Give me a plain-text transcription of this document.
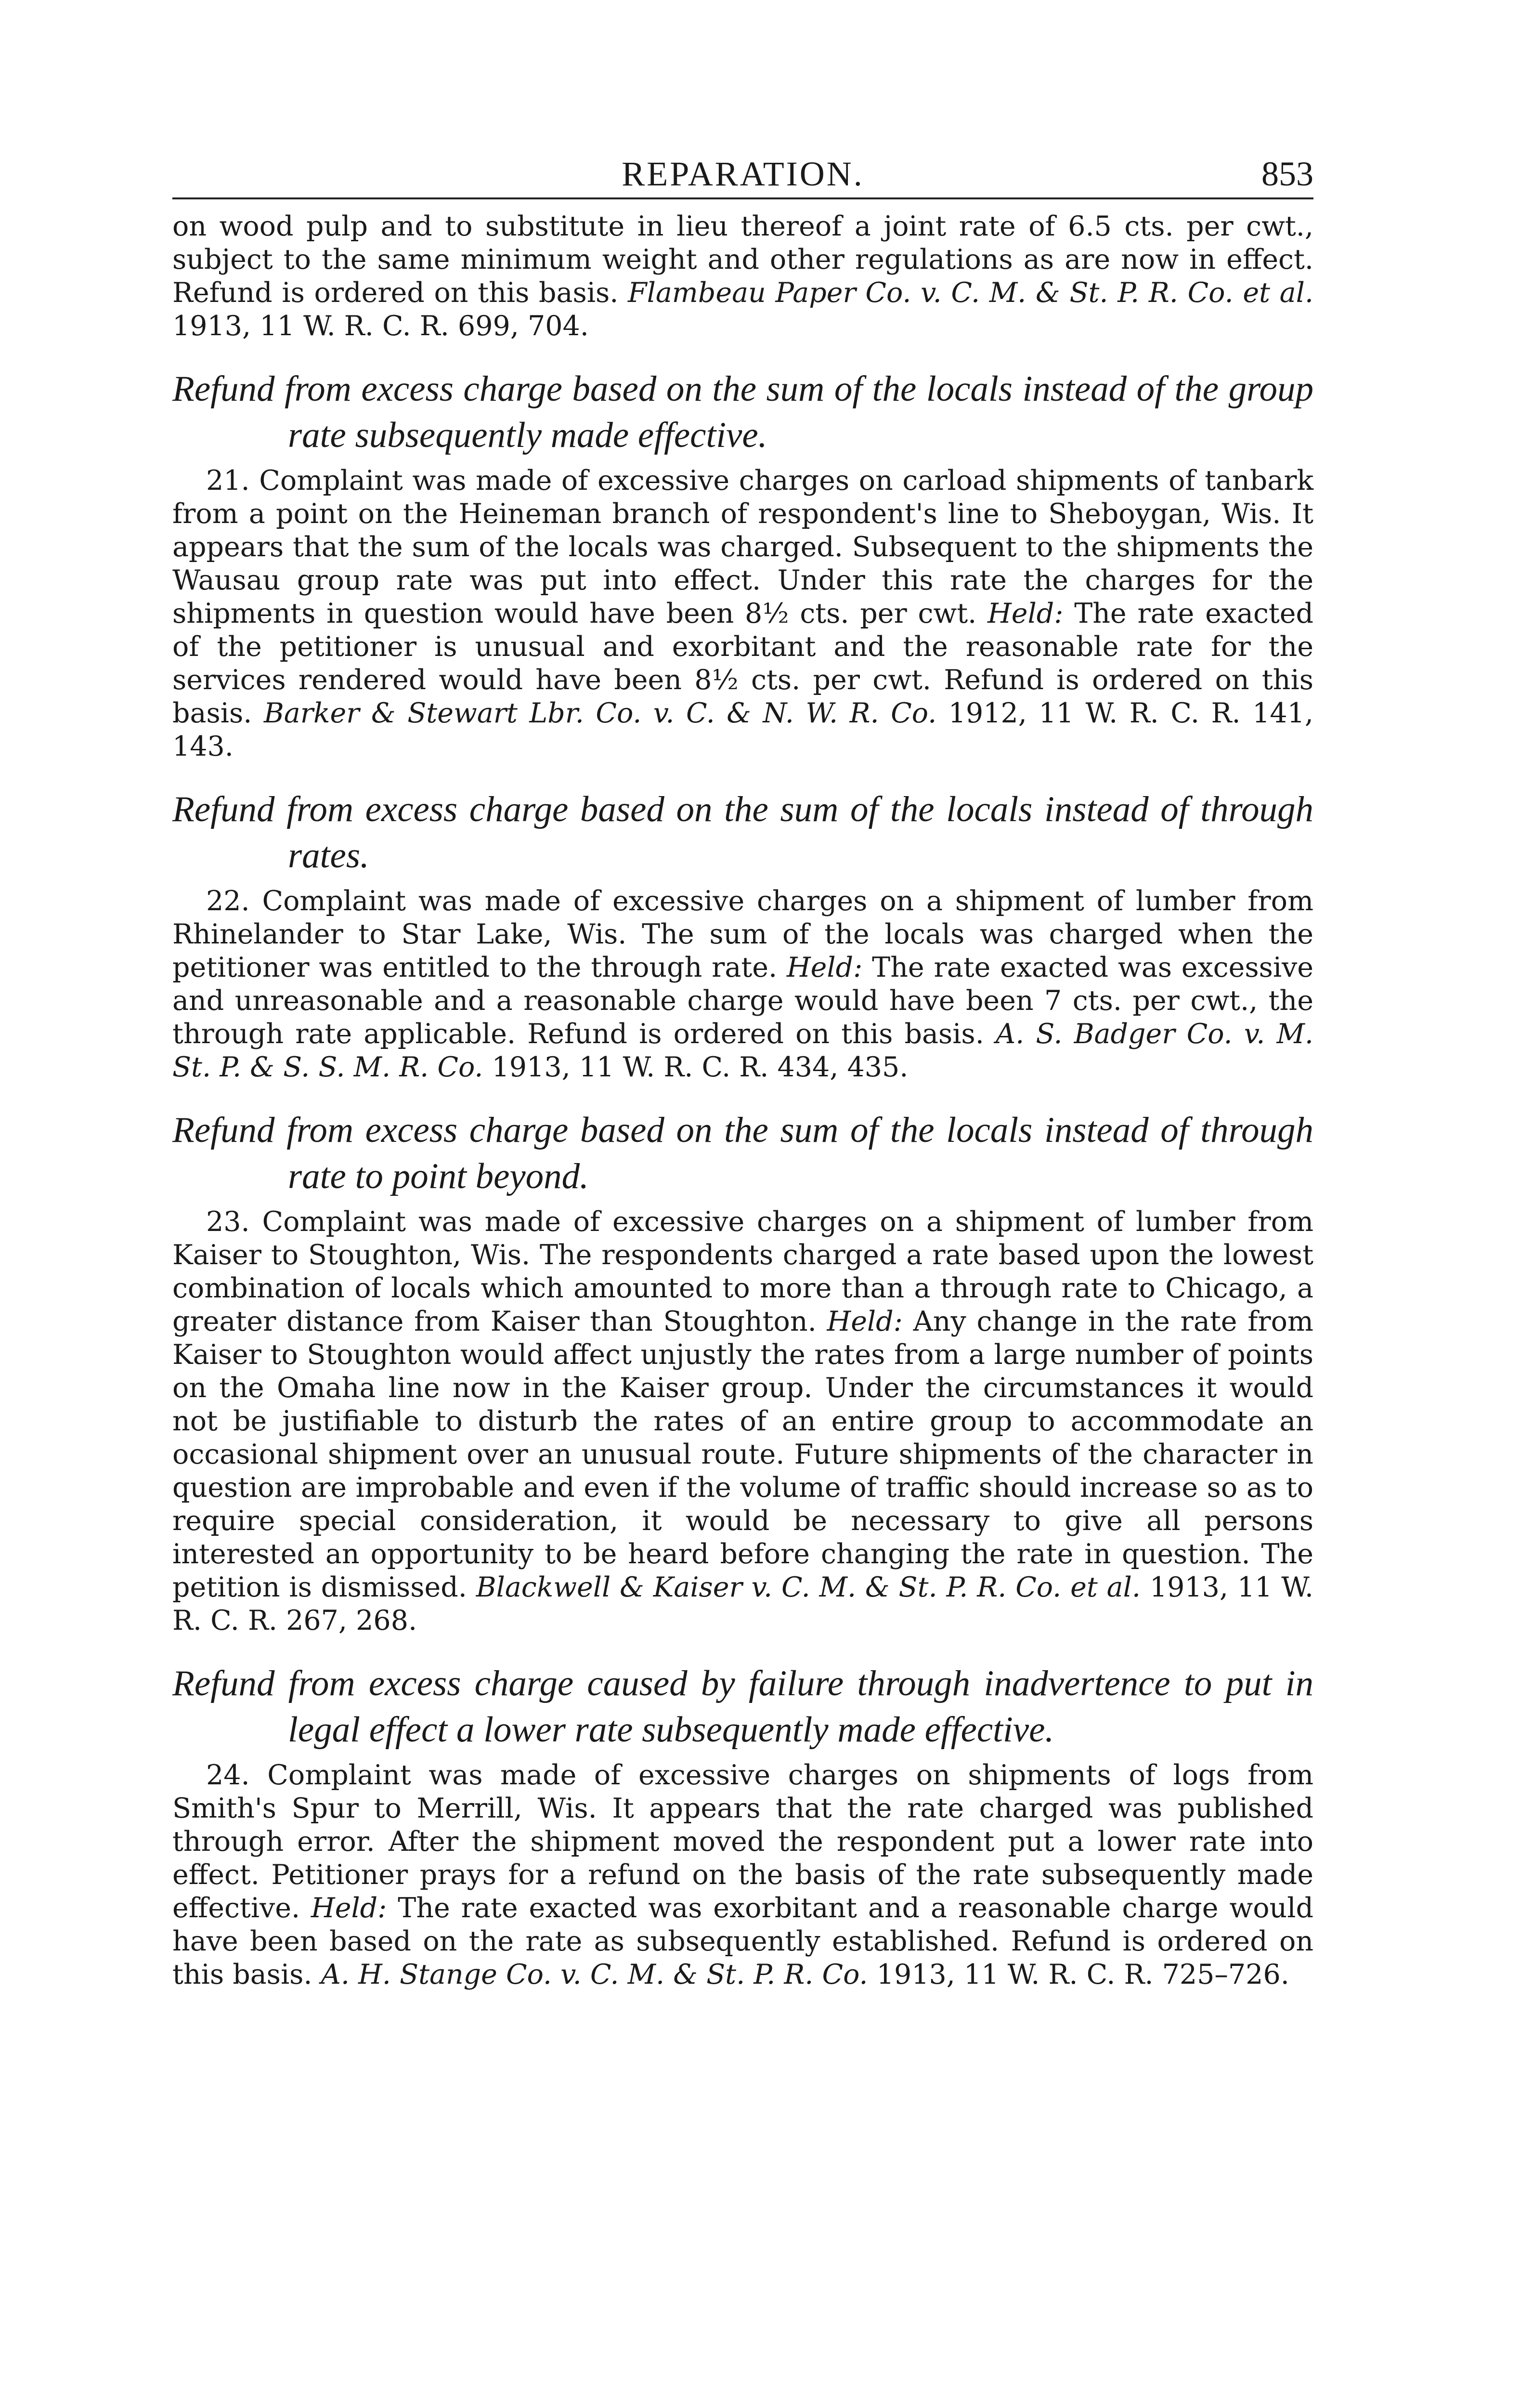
REPARATION.	853

on wood pulp and to substitute in lieu thereof a joint rate of 6.5 cts. per cwt., subject to the same minimum weight and other regulations as are now in effect. Refund is ordered on this basis. Flambeau Paper Co. v. C. M. & St. P. R. Co. et al. 1913, 11 W. R. C. R. 699, 704.

Refund from excess charge based on the sum of the locals instead of the group rate subsequently made effective.

21. Complaint was made of excessive charges on carload shipments of tanbark from a point on the Heineman branch of respondent's line to Sheboygan, Wis. It appears that the sum of the locals was charged. Subsequent to the shipments the Wausau group rate was put into effect. Under this rate the charges for the shipments in question would have been 8½ cts. per cwt. Held: The rate exacted of the petitioner is unusual and exorbitant and the reasonable rate for the services rendered would have been 8½ cts. per cwt. Refund is ordered on this basis. Barker & Stewart Lbr. Co. v. C. & N. W. R. Co. 1912, 11 W. R. C. R. 141, 143.

Refund from excess charge based on the sum of the locals instead of through rates.

22. Complaint was made of excessive charges on a shipment of lumber from Rhinelander to Star Lake, Wis. The sum of the locals was charged when the petitioner was entitled to the through rate. Held: The rate exacted was excessive and unreasonable and a reasonable charge would have been 7 cts. per cwt., the through rate applicable. Refund is ordered on this basis. A. S. Badger Co. v. M. St. P. & S. S. M. R. Co. 1913, 11 W. R. C. R. 434, 435.

Refund from excess charge based on the sum of the locals instead of through rate to point beyond.

23. Complaint was made of excessive charges on a shipment of lumber from Kaiser to Stoughton, Wis. The respondents charged a rate based upon the lowest combination of locals which amounted to more than a through rate to Chicago, a greater distance from Kaiser than Stoughton. Held: Any change in the rate from Kaiser to Stoughton would affect unjustly the rates from a large number of points on the Omaha line now in the Kaiser group. Under the circumstances it would not be justifiable to disturb the rates of an entire group to accommodate an occasional shipment over an unusual route. Future shipments of the character in question are improbable and even if the volume of traffic should increase so as to require special consideration, it would be necessary to give all persons interested an opportunity to be heard before changing the rate in question. The petition is dismissed. Blackwell & Kaiser v. C. M. & St. P. R. Co. et al. 1913, 11 W. R. C. R. 267, 268.

Refund from excess charge caused by failure through inadvertence to put in legal effect a lower rate subsequently made effective.

24. Complaint was made of excessive charges on shipments of logs from Smith's Spur to Merrill, Wis. It appears that the rate charged was published through error. After the shipment moved the respondent put a lower rate into effect. Petitioner prays for a refund on the basis of the rate subsequently made effective. Held: The rate exacted was exorbitant and a reasonable charge would have been based on the rate as subsequently established. Refund is ordered on this basis. A. H. Stange Co. v. C. M. & St. P. R. Co. 1913, 11 W. R. C. R. 725–726.
